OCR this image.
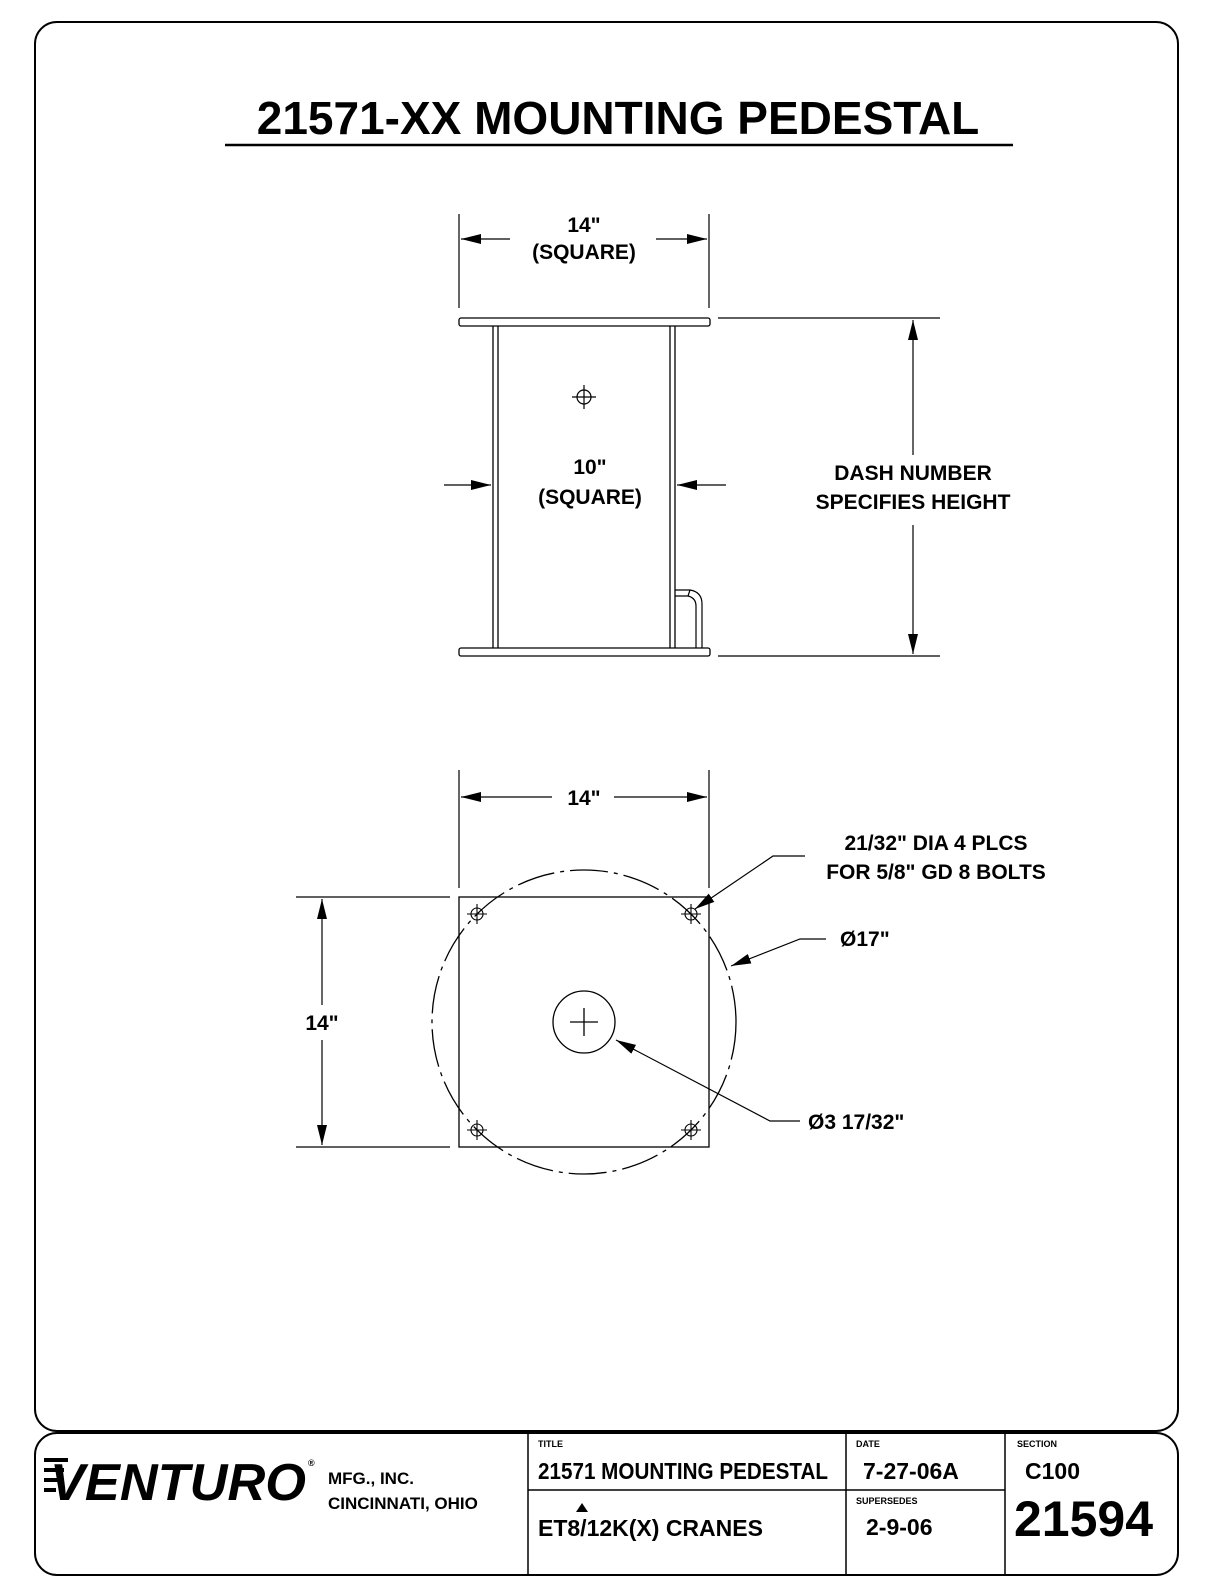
21571-XX MOUNTING PEDESTAL
14"
(SQUARE)
10"
(SQUARE)
DASH NUMBER
SPECIFIES HEIGHT
14"
14"
21/32" DIA 4 PLCS
FOR 5/8" GD 8 BOLTS
Ø17"
Ø3 17/32"
VENTURO ®
MFG., INC.
CINCINNATI, OHIO
TITLE
21571 MOUNTING PEDESTAL
ET8/12K(X) CRANES
DATE
7-27-06A
SUPERSEDES
2-9-06
SECTION
C100
21594
